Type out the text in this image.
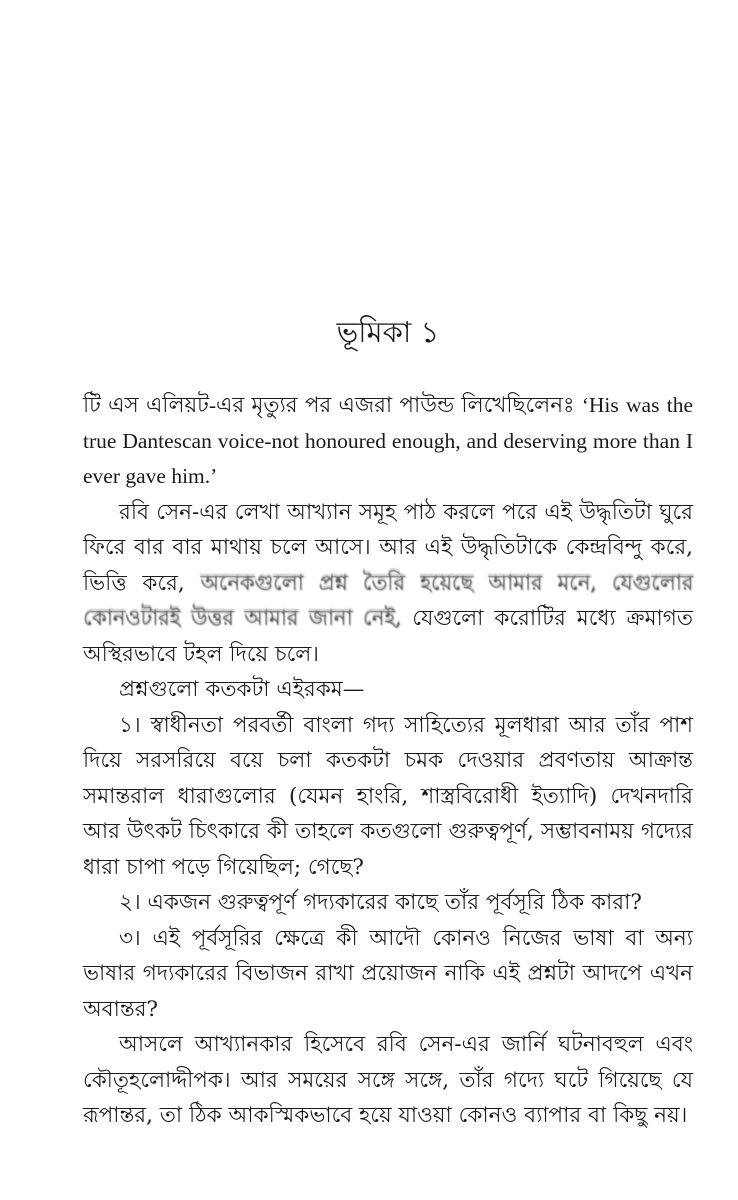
ভূমিকা ১

টি এস এলিয়ট-এর মৃত্যুর পর এজরা পাউন্ড লিখেছিলেনঃ ‘His was the true Dantescan voice-not honoured enough, and deserving more than I ever gave him.’

রবি সেন-এর লেখা আখ্যান সমূহ পাঠ করলে পরে এই উদ্ধৃতিটা ঘুরে ফিরে বার বার মাথায় চলে আসে। আর এই উদ্ধৃতিটাকে কেন্দ্রবিন্দু করে, ভিত্তি করে, অনেকগুলো প্রশ্ন তৈরি হয়েছে আমার মনে, যেগুলোর কোনওটারই উত্তর আমার জানা নেই, যেগুলো করোটির মধ্যে ক্রমাগত অস্থিরভাবে টহল দিয়ে চলে।

প্রশ্নগুলো কতকটা এইরকম—

১। স্বাধীনতা পরবর্তী বাংলা গদ্য সাহিত্যের মূলধারা আর তাঁর পাশ দিয়ে সরসরিয়ে বয়ে চলা কতকটা চমক দেওয়ার প্রবণতায় আক্রান্ত সমান্তরাল ধারাগুলোর (যেমন হাংরি, শাস্ত্রবিরোধী ইত্যাদি) দেখনদারি আর উৎকট চিৎকারে কী তাহলে কতগুলো গুরুত্বপূর্ণ, সম্ভাবনাময় গদ্যের ধারা চাপা পড়ে গিয়েছিল; গেছে?

২। একজন গুরুত্বপূর্ণ গদ্যকারের কাছে তাঁর পূর্বসূরি ঠিক কারা?

৩। এই পূর্বসূরির ক্ষেত্রে কী আদৌ কোনও নিজের ভাষা বা অন্য ভাষার গদ্যকারের বিভাজন রাখা প্রয়োজন নাকি এই প্রশ্নটা আদপে এখন অবান্তর?

আসলে আখ্যানকার হিসেবে রবি সেন-এর জার্নি ঘটনাবহুল এবং কৌতূহলোদ্দীপক। আর সময়ের সঙ্গে সঙ্গে, তাঁর গদ্যে ঘটে গিয়েছে যে রূপান্তর, তা ঠিক আকস্মিকভাবে হয়ে যাওয়া কোনও ব্যাপার বা কিছু নয়।
